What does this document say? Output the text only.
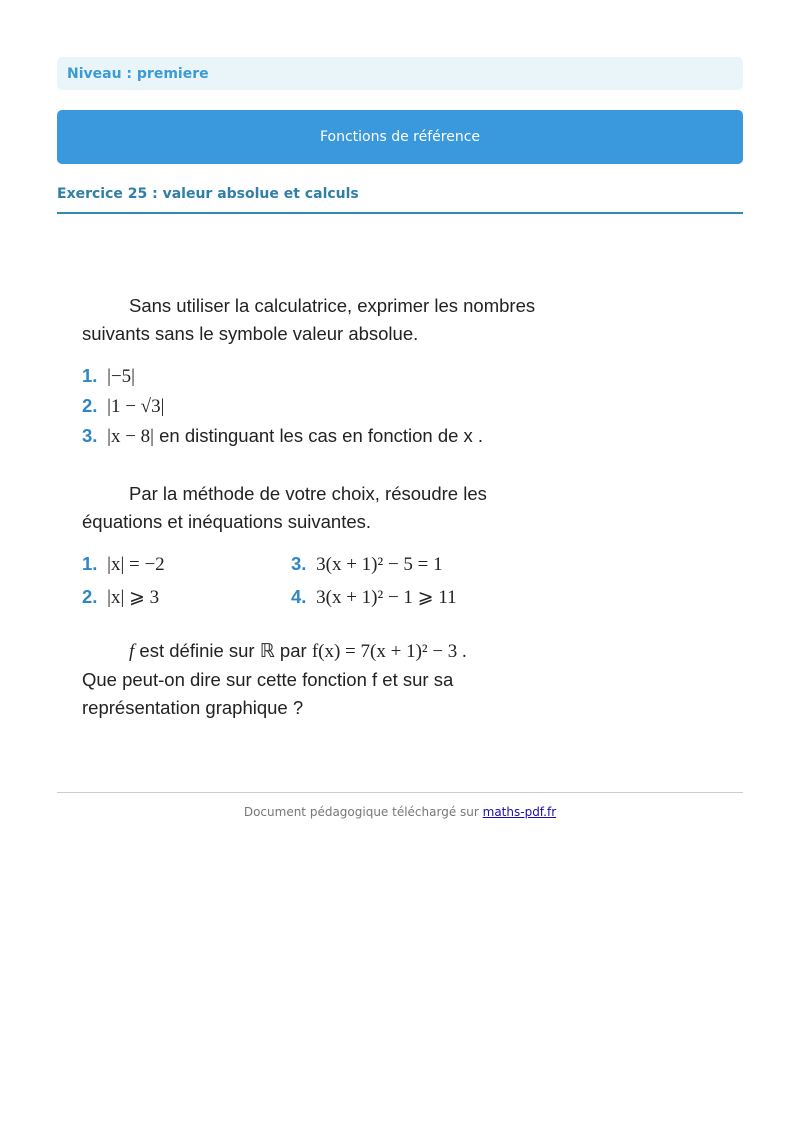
Niveau : premiere
Fonctions de référence
Exercice 25 : valeur absolue et calculs

Sans utiliser la calculatrice, exprimer les nombres suivants sans le symbole valeur absolue.

1. |−5|
2. |1 − √3|
3. |x − 8| en distinguant les cas en fonction de x .

Par la méthode de votre choix, résoudre les équations et inéquations suivantes.

1. |x| = −2	3. 3(x + 1)² − 5 = 1
2. |x| ⩾ 3	4. 3(x + 1)² − 1 ⩾ 11

f est définie sur ℝ par f(x) = 7(x + 1)² − 3 .
Que peut-on dire sur cette fonction f et sur sa représentation graphique ?

Document pédagogique téléchargé sur maths-pdf.fr
